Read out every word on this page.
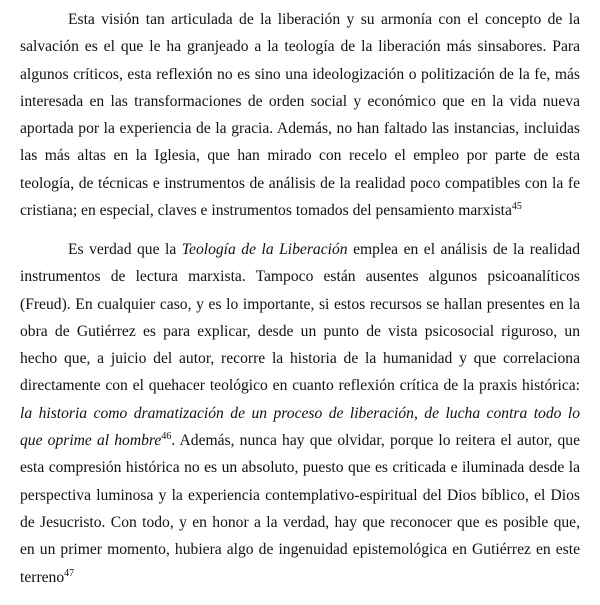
Esta visión tan articulada de la liberación y su armonía con el concepto de la
salvación es el que le ha granjeado a la teología de la liberación más sinsabores. Para
algunos críticos, esta reflexión no es sino una ideologización o politización de la fe, más
interesada en las transformaciones de orden social y económico que en la vida nueva
aportada por la experiencia de la gracia. Además, no han faltado las instancias, incluidas
las más altas en la Iglesia, que han mirado con recelo el empleo por parte de esta
teología, de técnicas e instrumentos de análisis de la realidad poco compatibles con la fe
cristiana; en especial, claves e instrumentos tomados del pensamiento marxista$^{45}$

Es verdad que la Teología de la Liberación emplea en el análisis de la realidad
instrumentos de lectura marxista. Tampoco están ausentes algunos psicoanalíticos
(Freud). En cualquier caso, y es lo importante, si estos recursos se hallan presentes en la
obra de Gutiérrez es para explicar, desde un punto de vista psicosocial riguroso, un
hecho que, a juicio del autor, recorre la historia de la humanidad y que correlaciona
directamente con el quehacer teológico en cuanto reflexión crítica de la praxis histórica:
la historia como dramatización de un proceso de liberación, de lucha contra todo lo
que oprime al hombre$^{46}$. Además, nunca hay que olvidar, porque lo reitera el autor, que
esta compresión histórica no es un absoluto, puesto que es criticada e iluminada desde la
perspectiva luminosa y la experiencia contemplativo-espiritual del Dios bíblico, el Dios
de Jesucristo. Con todo, y en honor a la verdad, hay que reconocer que es posible que,
en un primer momento, hubiera algo de ingenuidad epistemológica en Gutiérrez en este
terreno$^{47}$
